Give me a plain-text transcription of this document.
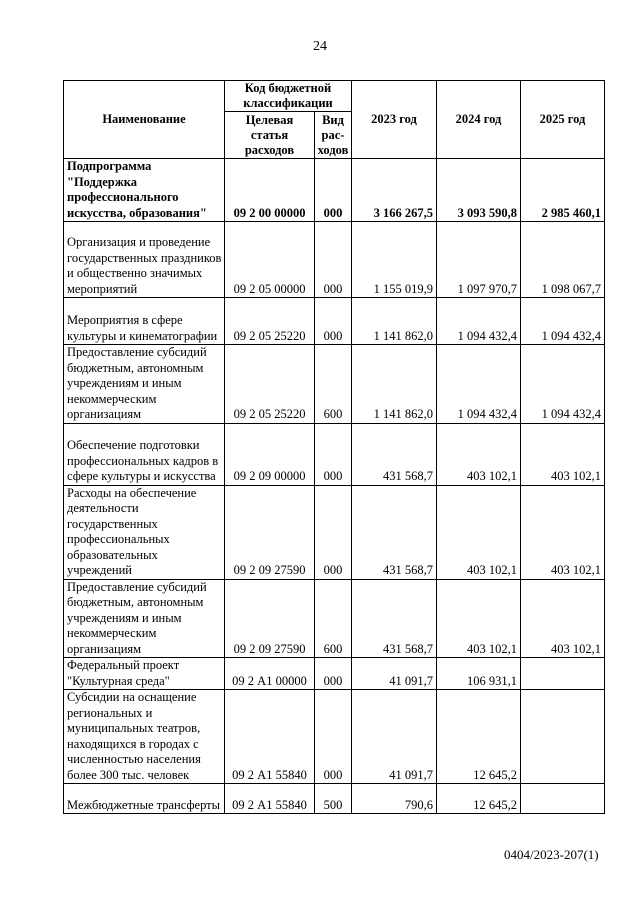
24
Наименование	Код бюджетной классификации		2023 год	2024 год	2025 год
	Целевая статья расходов	Вид рас-ходов			
Подпрограмма "Поддержка профессионального искусства, образования"	09 2 00 00000	000	3 166 267,5	3 093 590,8	2 985 460,1
Организация и проведение государственных праздников и общественно значимых мероприятий	09 2 05 00000	000	1 155 019,9	1 097 970,7	1 098 067,7
Мероприятия в сфере культуры и кинематографии	09 2 05 25220	000	1 141 862,0	1 094 432,4	1 094 432,4
Предоставление субсидий бюджетным, автономным учреждениям и иным некоммерческим организациям	09 2 05 25220	600	1 141 862,0	1 094 432,4	1 094 432,4
Обеспечение подготовки профессиональных кадров в сфере культуры и искусства	09 2 09 00000	000	431 568,7	403 102,1	403 102,1
Расходы на обеспечение деятельности государственных профессиональных образовательных учреждений	09 2 09 27590	000	431 568,7	403 102,1	403 102,1
Предоставление субсидий бюджетным, автономным учреждениям и иным некоммерческим организациям	09 2 09 27590	600	431 568,7	403 102,1	403 102,1
Федеральный проект "Культурная среда"	09 2 А1 00000	000	41 091,7	106 931,1	
Субсидии на оснащение региональных и муниципальных театров, находящихся в городах с численностью населения более 300 тыс. человек	09 2 А1 55840	000	41 091,7	12 645,2	
Межбюджетные трансферты	09 2 А1 55840	500	790,6	12 645,2	
0404/2023-207(1)
